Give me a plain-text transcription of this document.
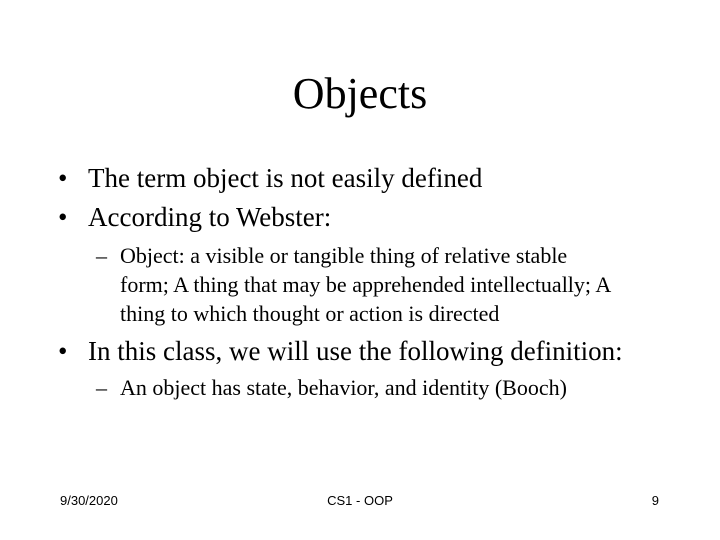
Objects
• The term object is not easily defined
• According to Webster:
– Object: a visible or tangible thing of relative stable
form; A thing that may be apprehended intellectually; A
thing to which thought or action is directed
• In this class, we will use the following definition:
– An object has state, behavior, and identity (Booch)
9/30/2020	CS1 - OOP	9
